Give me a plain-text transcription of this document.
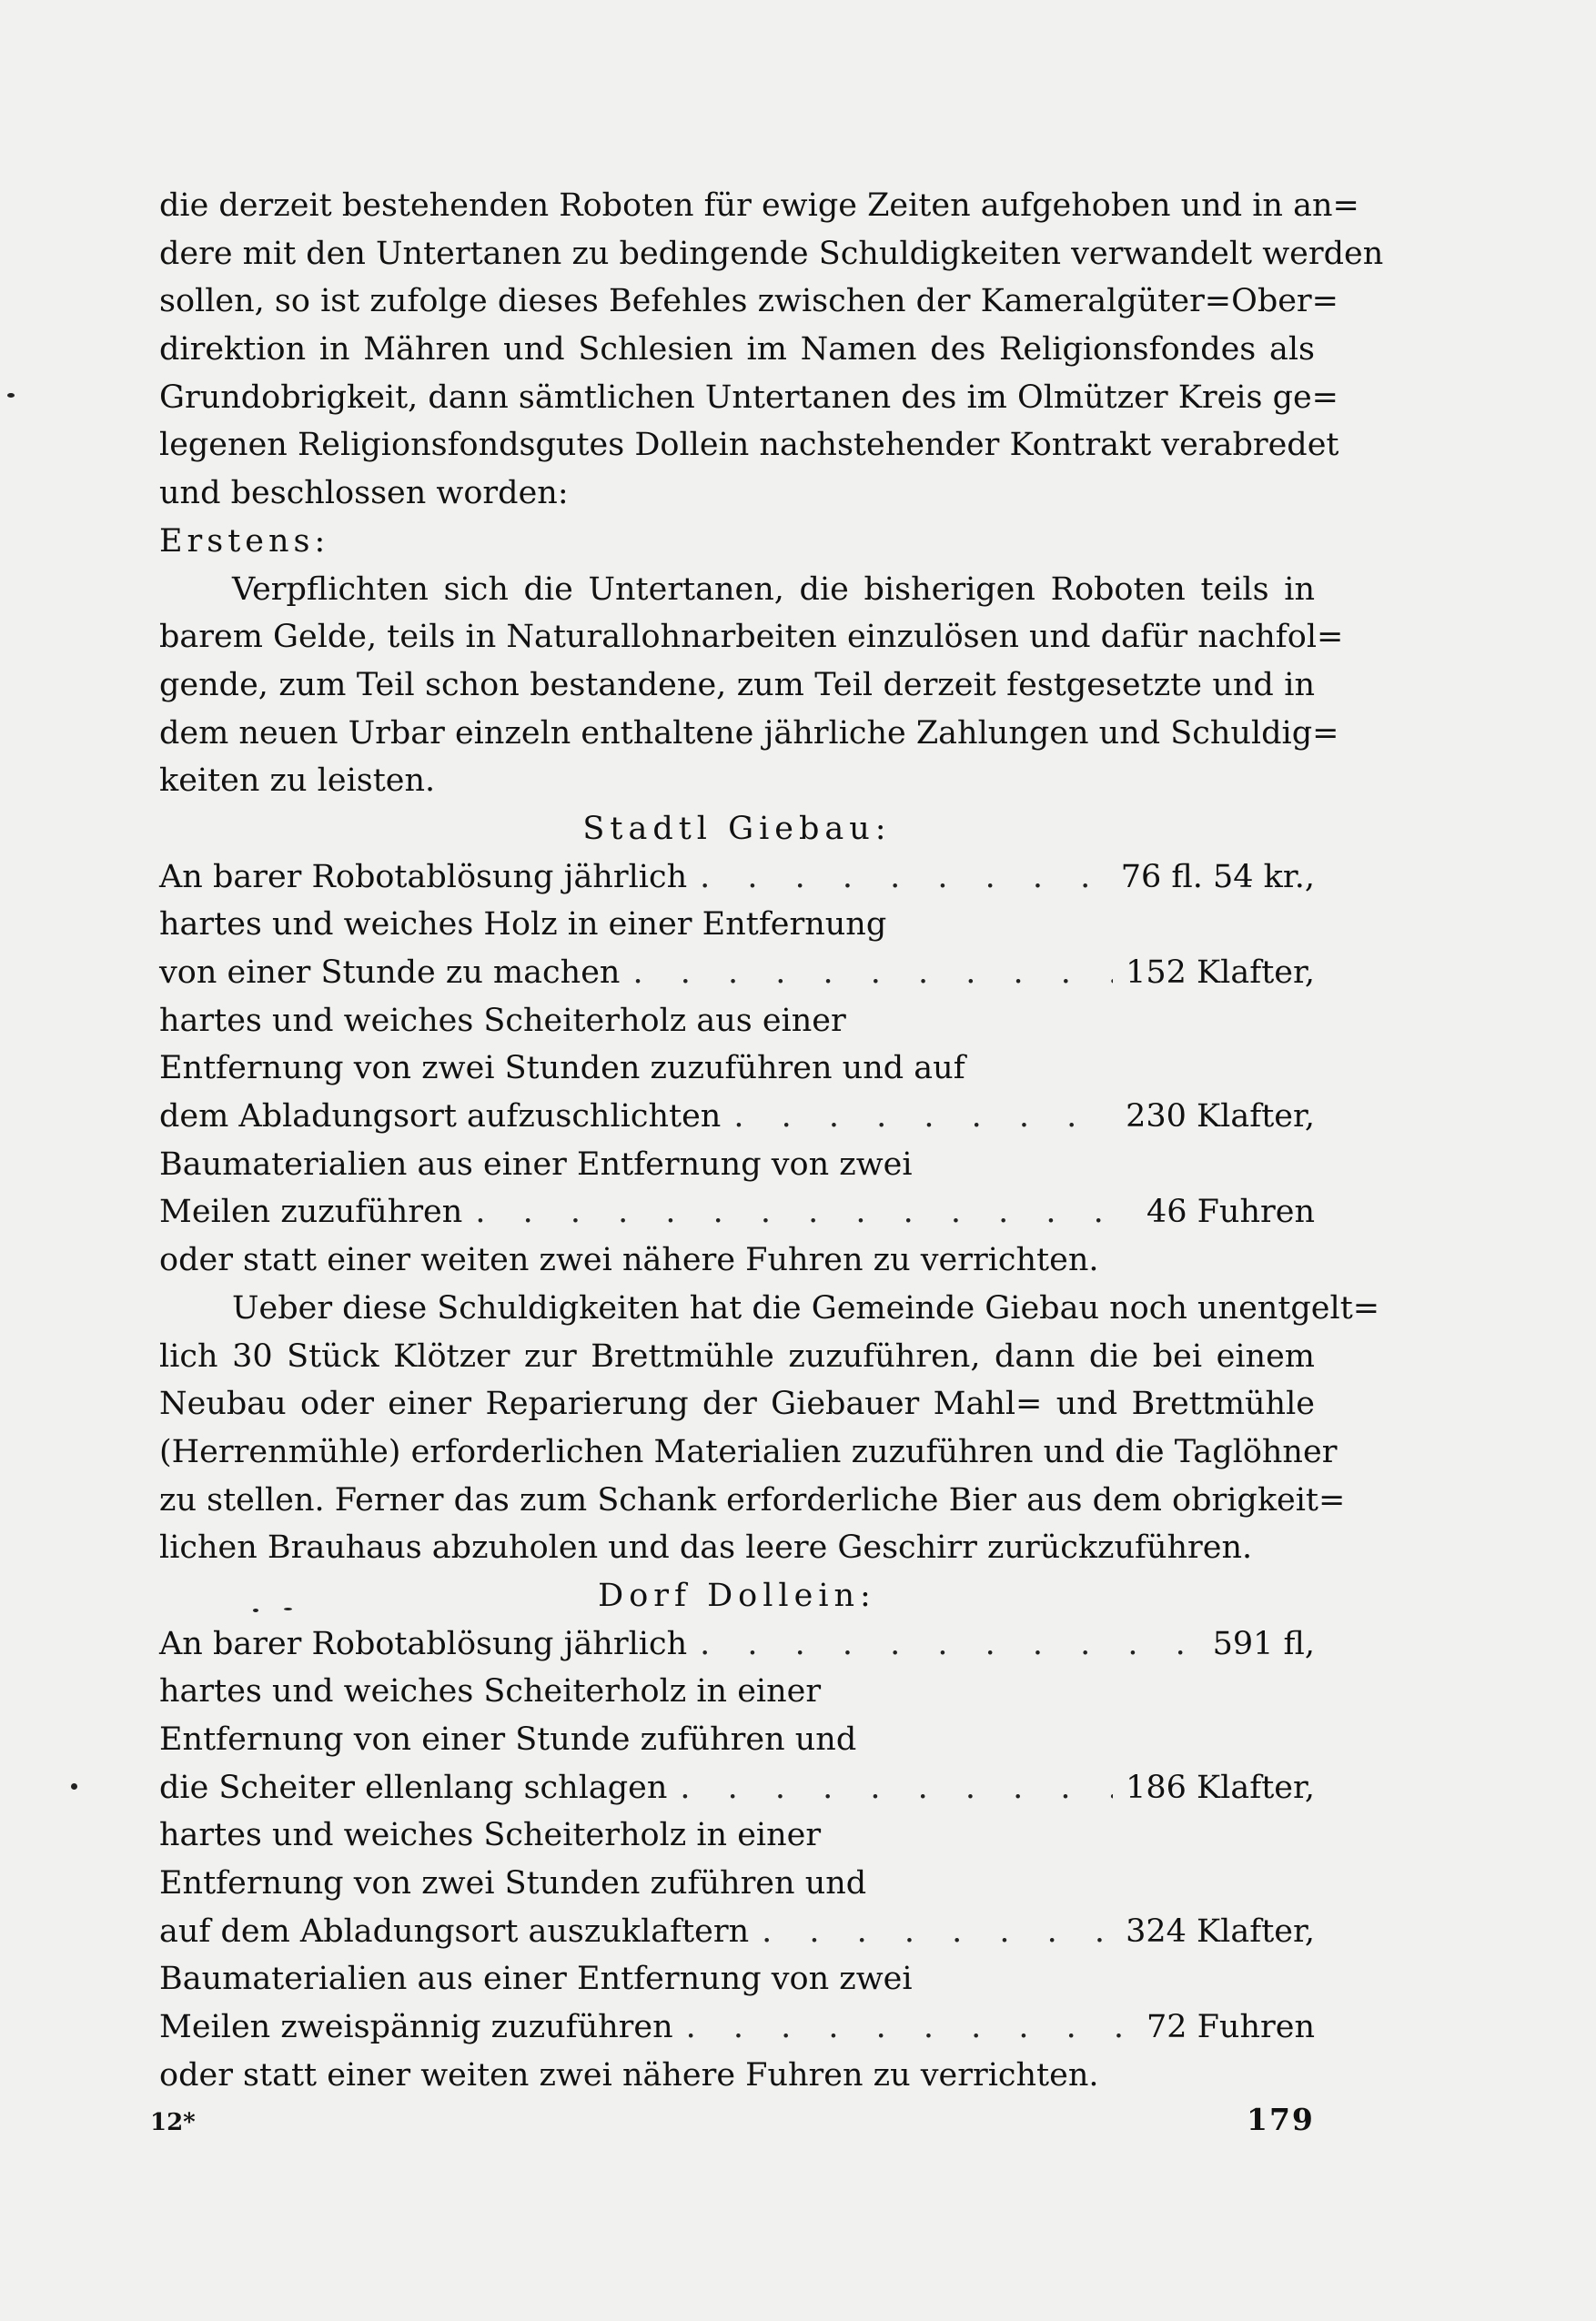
die derzeit bestehenden Roboten für ewige Zeiten aufgehoben und in an=
dere mit den Untertanen zu bedingende Schuldigkeiten verwandelt werden
sollen, so ist zufolge dieses Befehles zwischen der Kameralgüter=Ober=
direktion in Mähren und Schlesien im Namen des Religionsfondes als
Grundobrigkeit, dann sämtlichen Untertanen des im Olmützer Kreis ge=
legenen Religionsfondsgutes Dollein nachstehender Kontrakt verabredet
und beschlossen worden:
Erstens:
Verpflichten sich die Untertanen, die bisherigen Roboten teils in
barem Gelde, teils in Naturallohnarbeiten einzulösen und dafür nachfol=
gende, zum Teil schon bestandene, zum Teil derzeit festgesetzte und in
dem neuen Urbar einzeln enthaltene jährliche Zahlungen und Schuldig=
keiten zu leisten.
Stadtl Giebau:
An barer Robotablösung jährlich . . .	76 fl. 54 kr.,
hartes und weiches Holz in einer Entfernung
von einer Stunde zu machen . . .	152 Klafter,
hartes und weiches Scheiterholz aus einer
Entfernung von zwei Stunden zuzuführen und auf
dem Abladungsort aufzuschlichten . . .	230 Klafter,
Baumaterialien aus einer Entfernung von zwei
Meilen zuzuführen . . .	46 Fuhren
oder statt einer weiten zwei nähere Fuhren zu verrichten.
Ueber diese Schuldigkeiten hat die Gemeinde Giebau noch unentgelt=
lich 30 Stück Klötzer zur Brettmühle zuzuführen, dann die bei einem
Neubau oder einer Reparierung der Giebauer Mahl= und Brettmühle
(Herrenmühle) erforderlichen Materialien zuzuführen und die Taglöhner
zu stellen. Ferner das zum Schank erforderliche Bier aus dem obrigkeit=
lichen Brauhaus abzuholen und das leere Geschirr zurückzuführen.
Dorf Dollein:
An barer Robotablösung jährlich . . .	591 fl,
hartes und weiches Scheiterholz in einer
Entfernung von einer Stunde zuführen und
die Scheiter ellenlang schlagen . . .	186 Klafter,
hartes und weiches Scheiterholz in einer
Entfernung von zwei Stunden zuführen und
auf dem Abladungsort auszuklaftern . . .	324 Klafter,
Baumaterialien aus einer Entfernung von zwei
Meilen zweispännig zuzuführen . . .	72 Fuhren
oder statt einer weiten zwei nähere Fuhren zu verrichten.
12*	179
